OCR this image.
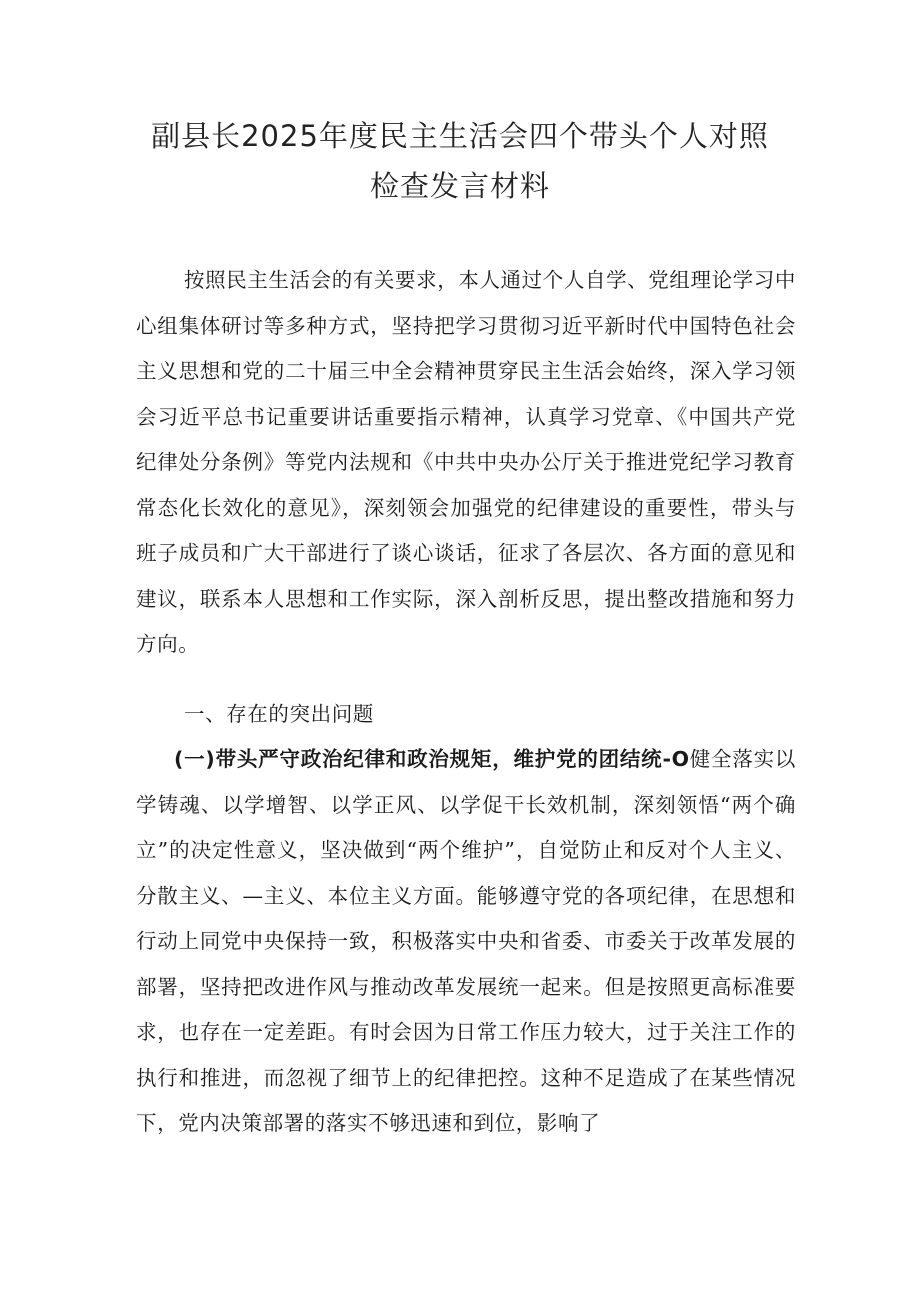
副县长2025年度民主生活会四个带头个人对照
检查发言材料

按照民主生活会的有关要求，本人通过个人自学、党组理论学习中心组集体研讨等多种方式，坚持把学习贯彻习近平新时代中国特色社会主义思想和党的二十届三中全会精神贯穿民主生活会始终，深入学习领会习近平总书记重要讲话重要指示精神，认真学习党章、《中国共产党纪律处分条例》等党内法规和《中共中央办公厅关于推进党纪学习教育常态化长效化的意见》，深刻领会加强党的纪律建设的重要性，带头与班子成员和广大干部进行了谈心谈话，征求了各层次、各方面的意见和建议，联系本人思想和工作实际，深入剖析反思，提出整改措施和努力方向。

一、存在的突出问题

(一)带头严守政治纪律和政治规矩，维护党的团结统-O健全落实以学铸魂、以学增智、以学正风、以学促干长效机制，深刻领悟“两个确立”的决定性意义，坚决做到“两个维护”，自觉防止和反对个人主义、分散主义、—主义、本位主义方面。能够遵守党的各项纪律，在思想和行动上同党中央保持一致，积极落实中央和省委、市委关于改革发展的部署，坚持把改进作风与推动改革发展统一起来。但是按照更高标准要求，也存在一定差距。有时会因为日常工作压力较大，过于关注工作的执行和推进，而忽视了细节上的纪律把控。这种不足造成了在某些情况下，党内决策部署的落实不够迅速和到位，影响了
